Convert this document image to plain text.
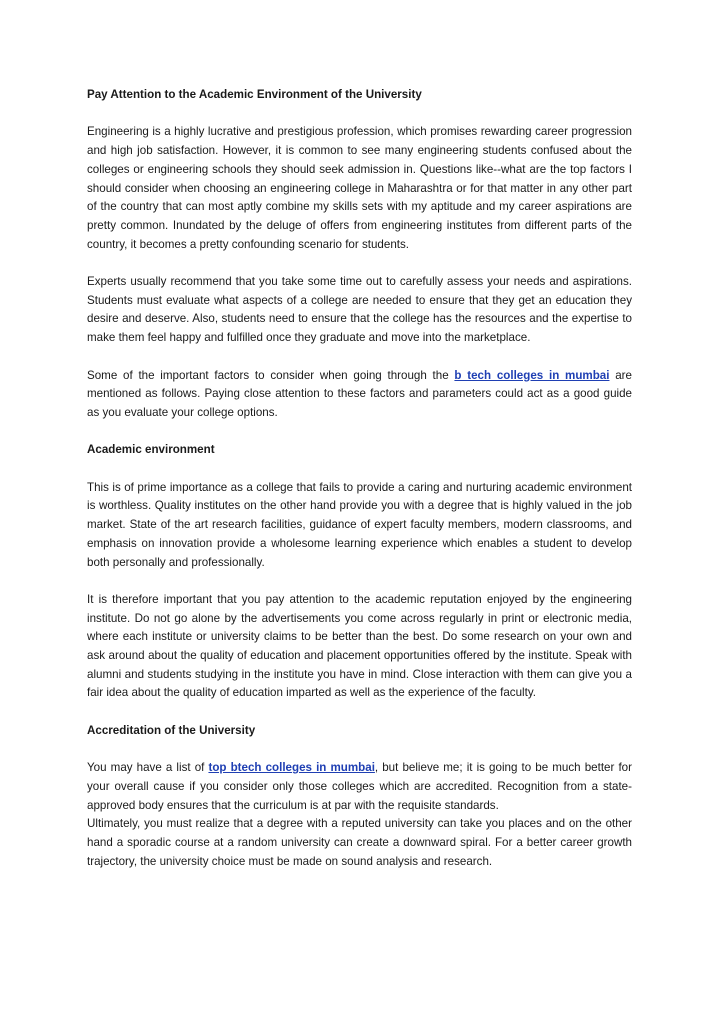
Pay Attention to the Academic Environment of the University

Engineering is a highly lucrative and prestigious profession, which promises rewarding career progression and high job satisfaction. However, it is common to see many engineering students confused about the colleges or engineering schools they should seek admission in. Questions like--what are the top factors I should consider when choosing an engineering college in Maharashtra or for that matter in any other part of the country that can most aptly combine my skills sets with my aptitude and my career aspirations are pretty common. Inundated by the deluge of offers from engineering institutes from different parts of the country, it becomes a pretty confounding scenario for students.

Experts usually recommend that you take some time out to carefully assess your needs and aspirations. Students must evaluate what aspects of a college are needed to ensure that they get an education they desire and deserve. Also, students need to ensure that the college has the resources and the expertise to make them feel happy and fulfilled once they graduate and move into the marketplace.

Some of the important factors to consider when going through the b tech colleges in mumbai are mentioned as follows. Paying close attention to these factors and parameters could act as a good guide as you evaluate your college options.

Academic environment

This is of prime importance as a college that fails to provide a caring and nurturing academic environment is worthless. Quality institutes on the other hand provide you with a degree that is highly valued in the job market. State of the art research facilities, guidance of expert faculty members, modern classrooms, and emphasis on innovation provide a wholesome learning experience which enables a student to develop both personally and professionally.

It is therefore important that you pay attention to the academic reputation enjoyed by the engineering institute. Do not go alone by the advertisements you come across regularly in print or electronic media, where each institute or university claims to be better than the best. Do some research on your own and ask around about the quality of education and placement opportunities offered by the institute. Speak with alumni and students studying in the institute you have in mind. Close interaction with them can give you a fair idea about the quality of education imparted as well as the experience of the faculty.

Accreditation of the University

You may have a list of top btech colleges in mumbai, but believe me; it is going to be much better for your overall cause if you consider only those colleges which are accredited. Recognition from a state-approved body ensures that the curriculum is at par with the requisite standards.

Ultimately, you must realize that a degree with a reputed university can take you places and on the other hand a sporadic course at a random university can create a downward spiral. For a better career growth trajectory, the university choice must be made on sound analysis and research.
